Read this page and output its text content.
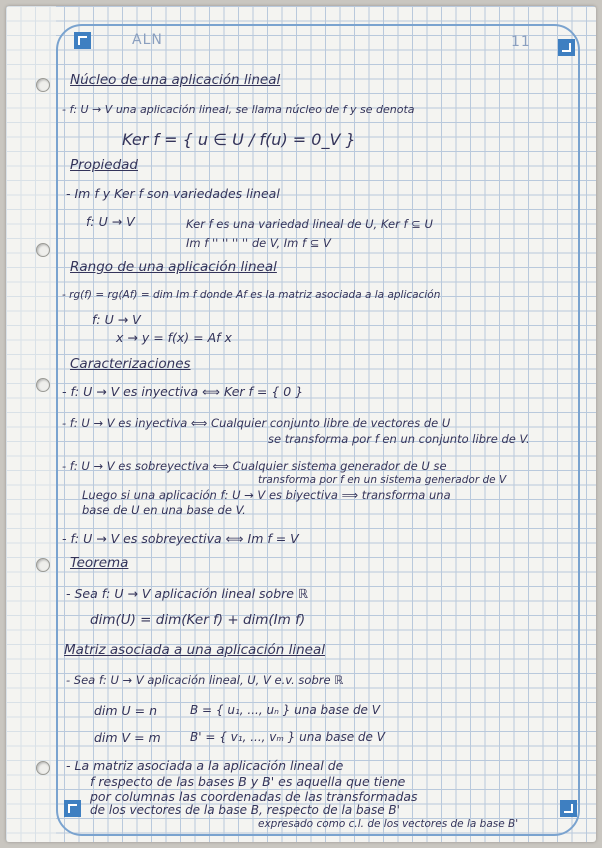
ALN	11
Núcleo de una aplicación lineal
- f: U → V una aplicación lineal, se llama núcleo de f y se denota
Ker f = { u ∈ U / f(u) = 0_V }
Propiedad
- Im f y Ker f son variedades lineal
f: U → V	Ker f es una variedad lineal de U, Ker f ⊆ U
Im f '' '' '' '' de V, Im f ⊆ V
Rango de una aplicación lineal
- rg(f) = rg(Af) = dim Im f donde Af es la matriz asociada a la aplicación
f: U → V
x → y = f(x) = Af x
Caracterizaciones
- f: U → V es inyectiva ⟺ Ker f = { 0 }
- f: U → V es inyectiva ⟺ Cualquier conjunto libre de vectores de U
se transforma por f en un conjunto libre de V.
- f: U → V es sobreyectiva ⟺ Cualquier sistema generador de U se
transforma por f en un sistema generador de V
Luego si una aplicación f: U → V es biyectiva ⟹ transforma una
base de U en una base de V.
- f: U → V es sobreyectiva ⟺ Im f = V
Teorema
- Sea f: U → V aplicación lineal sobre ℝ
dim(U) = dim(Ker f) + dim(Im f)
Matriz asociada a una aplicación lineal
- Sea f: U → V aplicación lineal, U, V e.v. sobre ℝ
dim U = n	B = { u₁, ..., uₙ } una base de V
dim V = m B' = { v₁, ..., vₘ } una base de V
- La matriz asociada a la aplicación lineal de
f respecto de las bases B y B' es aquella que tiene
por columnas las coordenadas de las transformadas
de los vectores de la base B, respecto de la base B'
expresado como c.l. de los vectores de la base B'
